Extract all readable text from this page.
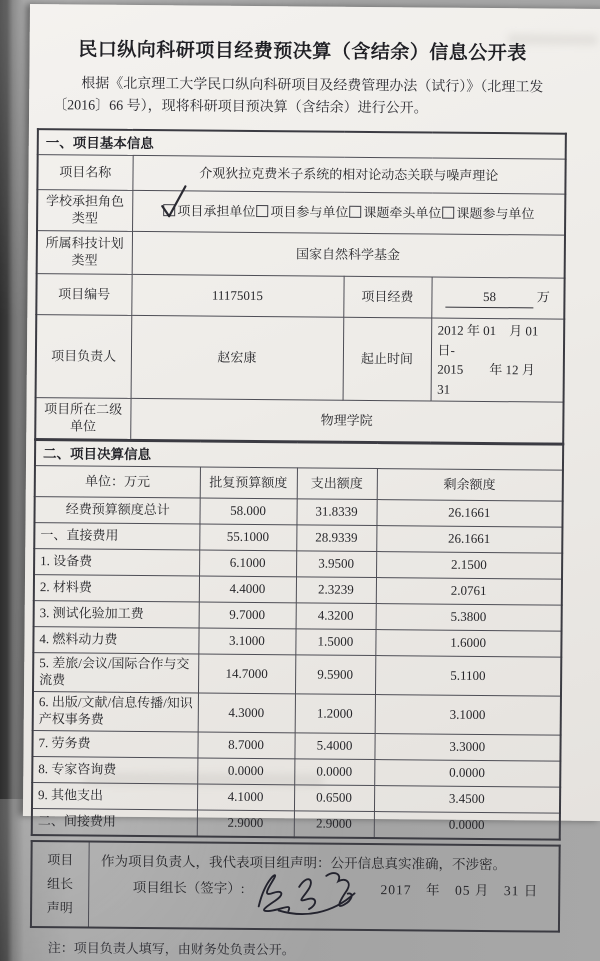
民口纵向科研项目经费预决算（含结余）信息公开表
根据《北京理工大学民口纵向科研项目及经费管理办法（试行）》（北理工发
〔2016〕66 号），现将科研项目预决算（含结余）进行公开。
一、项目基本信息			
项目名称	介观狄拉克费米子系统的相对论动态关联与噪声理论		
学校承担角色类型	项目承担单位 项目参与单位 课题牵头单位 课题参与单位		
所属科技计划类型	国家自然科学基金		
项目编号	11175015	项目经费	58 万
项目负责人	赵宏康	起止时间	2012 年 01　月 01　日-
2015　　年 12 月　31

项目所在二级单位	物理学院		
二、项目决算信息			
单位：万元	批复预算额度	支出额度	剩余额度
经费预算额度总计	58.000	31.8339	26.1661
一、直接费用	55.1000	28.9339	26.1661
1. 设备费	6.1000	3.9500	2.1500
2. 材料费	4.4000	2.3239	2.0761
3. 测试化验加工费	9.7000	4.3200	5.3800
4. 燃料动力费	3.1000	1.5000	1.6000
5. 差旅/会议/国际合作与交流费	14.7000	9.5900	5.1100
6. 出版/文献/信息传播/知识产权事务费	4.3000	1.2000	3.1000
7. 劳务费	8.7000	5.4000	3.3000
8. 专家咨询费	0.0000	0.0000	0.0000
9. 其他支出	4.1000	0.6500	3.4500
二、间接费用	2.9000	2.9000	0.0000
项目
组长
声明

作为项目负责人，我代表项目组声明：公开信息真实准确，不涉密。
项目组长（签字）:	2017　年　05 月　31 日
注：项目负责人填写，由财务处负责公开。
